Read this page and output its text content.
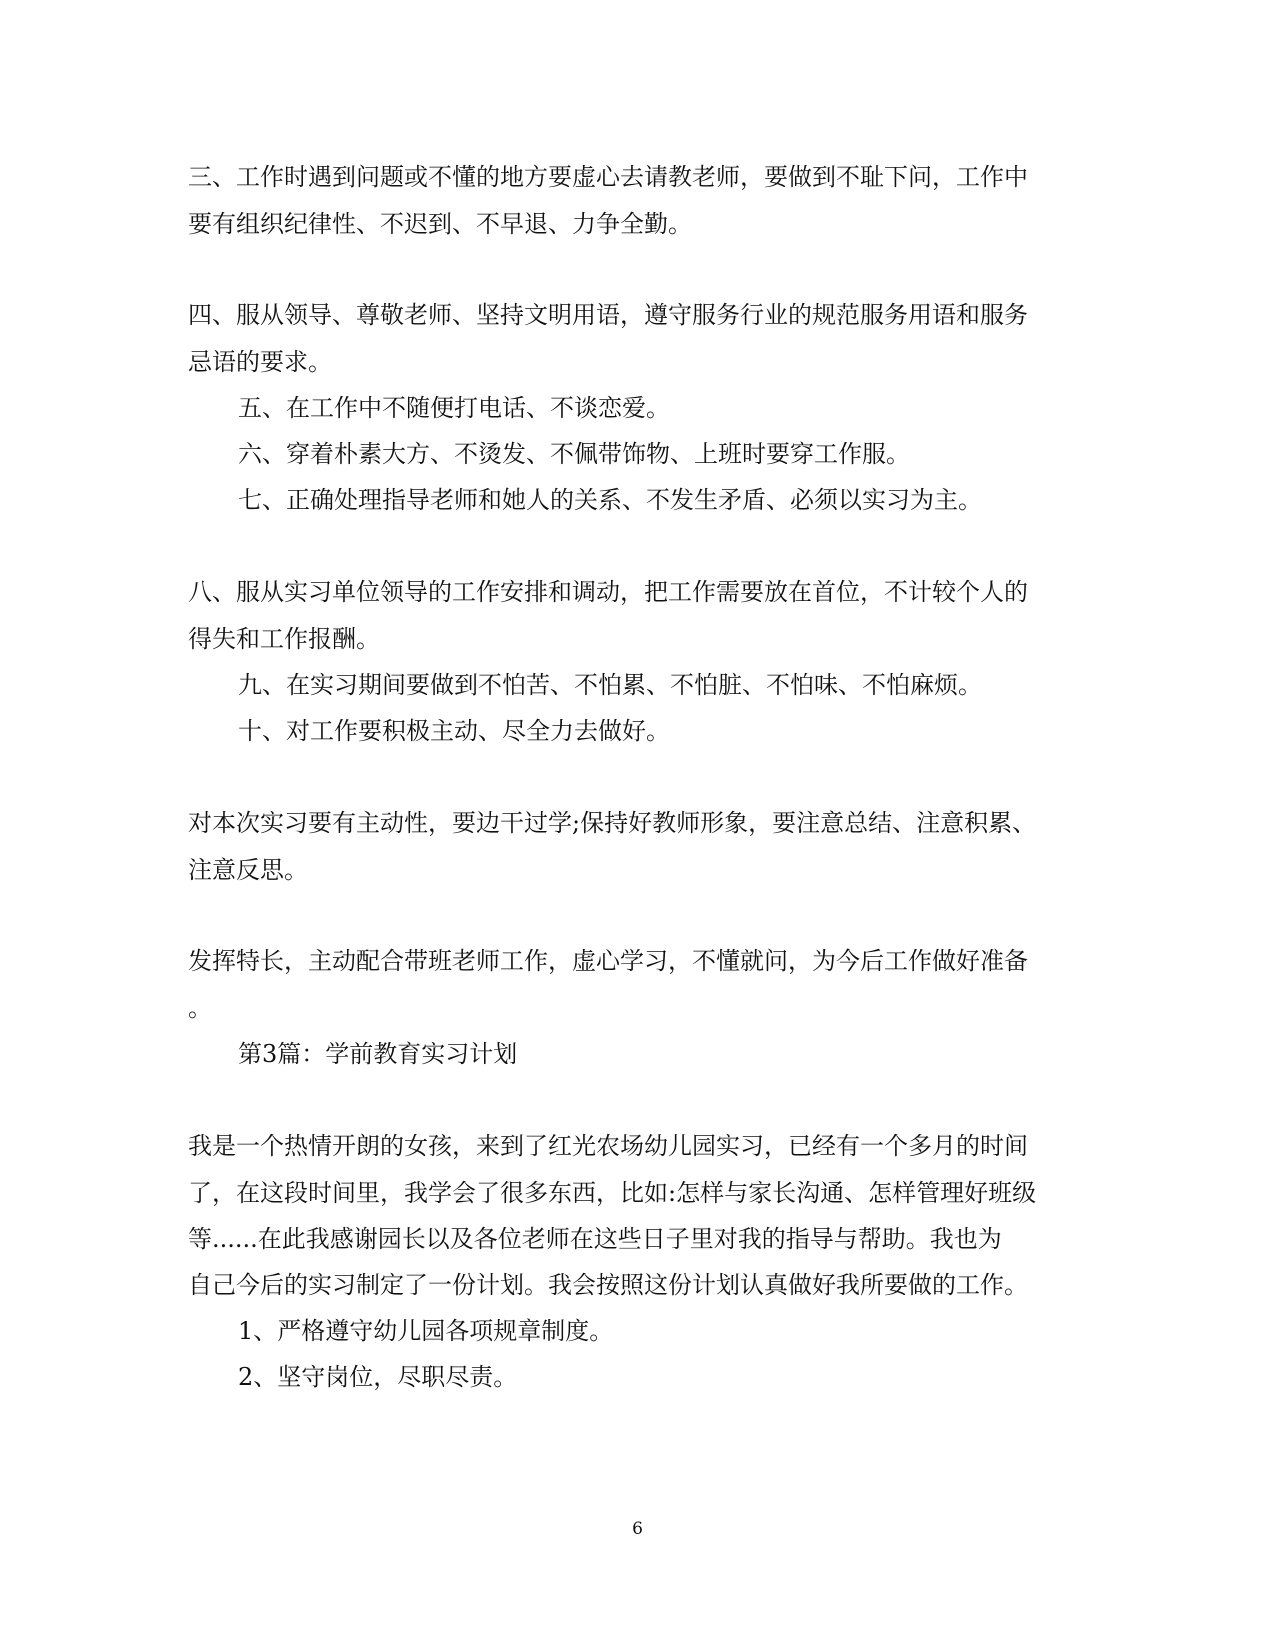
三、工作时遇到问题或不懂的地方要虚心去请教老师，要做到不耻下问，工作中
要有组织纪律性、不迟到、不早退、力争全勤。
四、服从领导、尊敬老师、坚持文明用语，遵守服务行业的规范服务用语和服务
忌语的要求。
五、在工作中不随便打电话、不谈恋爱。
六、穿着朴素大方、不烫发、不佩带饰物、上班时要穿工作服。
七、正确处理指导老师和她人的关系、不发生矛盾、必须以实习为主。
八、服从实习单位领导的工作安排和调动，把工作需要放在首位，不计较个人的
得失和工作报酬。
九、在实习期间要做到不怕苦、不怕累、不怕脏、不怕味、不怕麻烦。
十、对工作要积极主动、尽全力去做好。
对本次实习要有主动性，要边干过学;保持好教师形象，要注意总结、注意积累、
注意反思。
发挥特长，主动配合带班老师工作，虚心学习，不懂就问，为今后工作做好准备
。
第3篇：学前教育实习计划
我是一个热情开朗的女孩，来到了红光农场幼儿园实习，已经有一个多月的时间
了，在这段时间里，我学会了很多东西，比如:怎样与家长沟通、怎样管理好班级
等......在此我感谢园长以及各位老师在这些日子里对我的指导与帮助。我也为
自己今后的实习制定了一份计划。我会按照这份计划认真做好我所要做的工作。
1、严格遵守幼儿园各项规章制度。
2、坚守岗位，尽职尽责。
6
